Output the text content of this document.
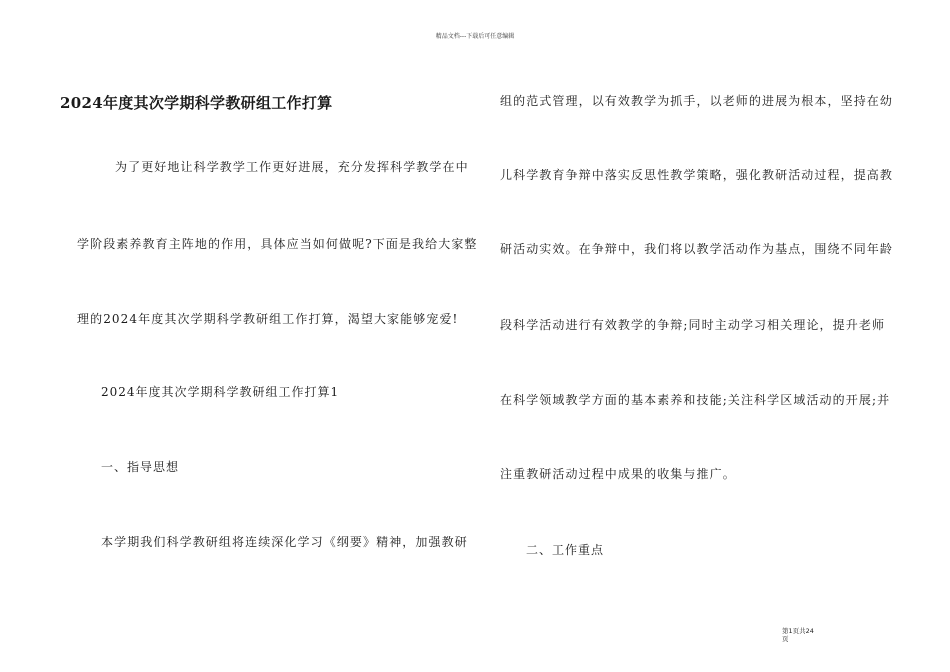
精品文档---下载后可任意编辑
2024年度其次学期科学教研组工作打算
为了更好地让科学教学工作更好进展，充分发挥科学教学在中
学阶段素养教育主阵地的作用，具体应当如何做呢?下面是我给大家整
理的2024年度其次学期科学教研组工作打算，渴望大家能够宠爱!
2024年度其次学期科学教研组工作打算1
一、指导思想
本学期我们科学教研组将连续深化学习《纲要》精神，加强教研
组的范式管理，以有效教学为抓手，以老师的进展为根本，坚持在幼
儿科学教育争辩中落实反思性教学策略，强化教研活动过程，提高教
研活动实效。在争辩中，我们将以教学活动作为基点，围绕不同年龄
段科学活动进行有效教学的争辩;同时主动学习相关理论，提升老师
在科学领域教学方面的基本素养和技能;关注科学区域活动的开展;并
注重教研活动过程中成果的收集与推广。
二、工作重点
第1页共24
页
